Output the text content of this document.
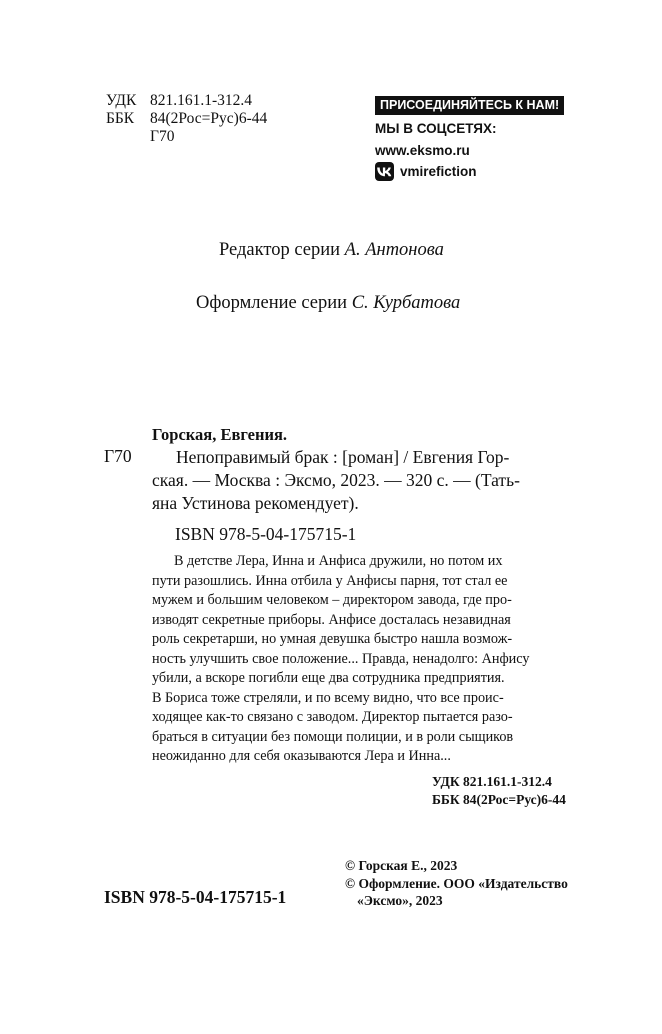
УДК 821.161.1-312.4
ББК	84(2Рос=Рус)6-44
Г70
ПРИСОЕДИНЯЙТЕСЬ К НАМ!
МЫ В СОЦСЕТЯХ:
www.eksmo.ru
vmirefiction
Редактор серии А. Антонова
Оформление серии С. Курбатова
Горская, Евгения.
Г70	Непоправимый брак : [роман] / Евгения Гор-
ская. — Москва : Эксмо, 2023. — 320 с. — (Тать-
яна Устинова рекомендует).
ISBN 978-5-04-175715-1
В детстве Лера, Инна и Анфиса дружили, но потом их
пути разошлись. Инна отбила у Анфисы парня, тот стал ее
мужем и большим человеком – директором завода, где про-
изводят секретные приборы. Анфисе досталась незавидная
роль секретарши, но умная девушка быстро нашла возмож-
ность улучшить свое положение... Правда, ненадолго: Анфису
убили, а вскоре погибли еще два сотрудника предприятия.
В Бориса тоже стреляли, и по всему видно, что все проис-
ходящее как-то связано с заводом. Директор пытается разо-
браться в ситуации без помощи полиции, и в роли сыщиков
неожиданно для себя оказываются Лера и Инна...
УДК 821.161.1-312.4
ББК 84(2Рос=Рус)6-44
© Горская Е., 2023
© Оформление. ООО «Издательство
«Эксмо», 2023
ISBN 978-5-04-175715-1
